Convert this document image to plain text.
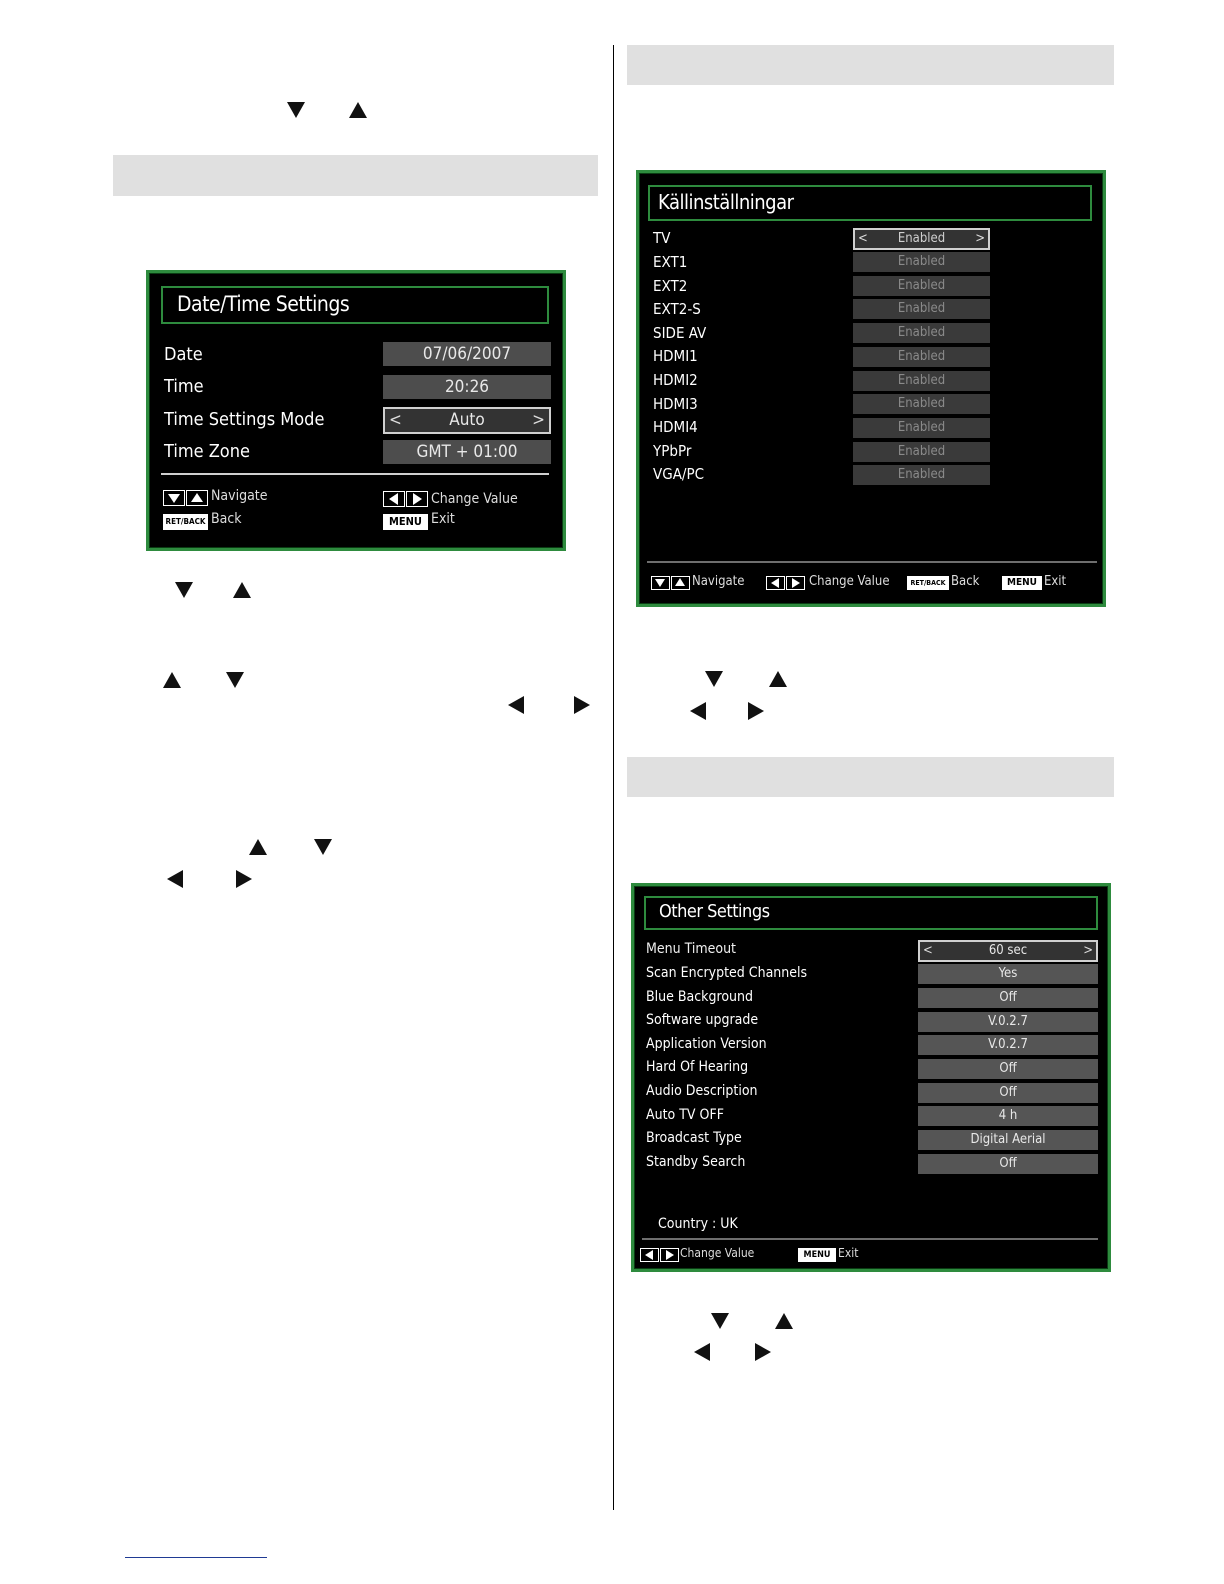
Date/Time Settings
Date	07/06/2007
Time	20:26
Time Settings Mode	<	Auto	>
Time Zone	GMT + 01:00
Navigate
RET/BACK Back
Change Value
MENU Exit
Källinställningar
TV	< Enabled >
EXT1	Enabled
EXT2	Enabled
EXT2-S	Enabled
SIDE AV	Enabled
HDMI1	Enabled
HDMI2	Enabled
HDMI3	Enabled
HDMI4	Enabled
YPbPr	Enabled
VGA/PC	Enabled
Navigate	Change Value	RET/BACK Back	MENU Exit
Other Settings
Menu Timeout	<	60 sec	>
Scan Encrypted Channels	Yes
Blue Background	Off
Software upgrade	V.0.2.7
Application Version	V.0.2.7
Hard Of Hearing	Off
Audio Description	Off
Auto TV OFF	4 h
Broadcast Type	Digital Aerial
Standby Search	Off
Country : UK
Change Value	MENU Exit
